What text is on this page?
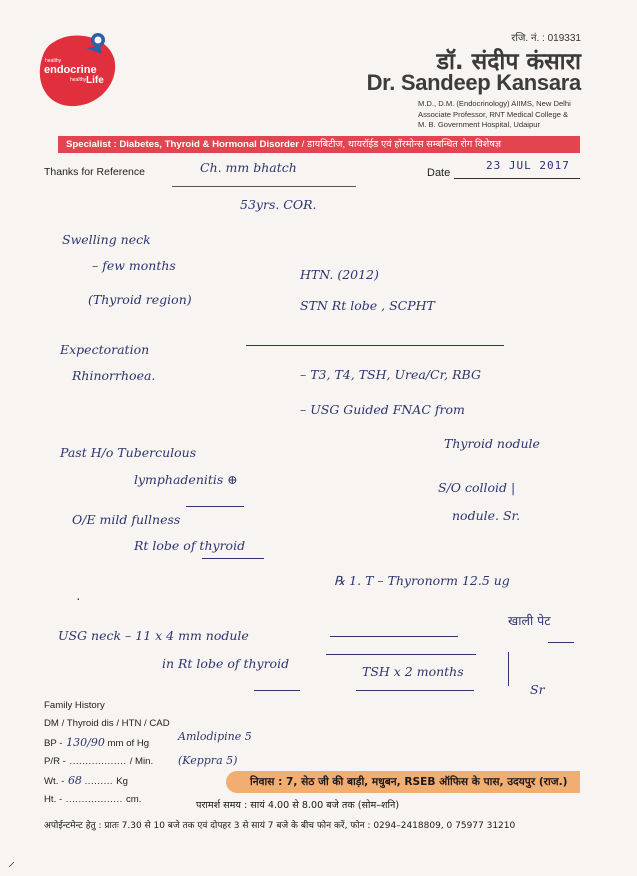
रजि. नं. : 019331
healthy
endocrine
healthy Life
डॉ. संदीप कंसारा
Dr. Sandeep Kansara
M.D., D.M. (Endocrinology) AIIMS, New Delhi
Associate Professor, RNT Medical College &
M. B. Government Hospital, Udaipur
Specialist : Diabetes, Thyroid & Hormonal Disorder / डायबिटीज, थायरॉईड एवं हॉरमोन्स सम्बन्धित रोग विशेषज्ञ
Thanks for Reference	Date
23 JUL 2017
Ch. mm bhatch
53yrs. COR.
Swelling neck
– few months
(Thyroid region)
Expectoration
Rhinorrhoea.
HTN. (2012)
STN Rt lobe , SCPHT
– T3, T4, TSH, Urea/Cr, RBG
– USG Guided FNAC from
Thyroid nodule
S/O colloid |
nodule. Sr.
Past H/o Tuberculous
lymphadenitis ⊕
O/E mild fullness
Rt lobe of thyroid
℞ 1. T – Thyronorm 12.5 ug
खाली पेट
USG neck – 11 x 4 mm nodule
in Rt lobe of thyroid
TSH x 2 months
Sr
Family History
DM / Thyroid dis / HTN / CAD
BP - 130/90 mm of Hg
Amlodipine 5
P/R - .................. / Min. (Keppra 5)
Wt. - 68 ......... Kg
Ht. - .................. cm.
निवास : 7, सेठ जी की बाड़ी, मधुबन, RSEB ऑफिस के पास, उदयपुर (राज.)
परामर्श समय : सायं 4.00 से 8.00 बजे तक (सोम–शनि)
अपोईन्टमेन्ट हेतु : प्रातः 7.30 से 10 बजे तक एवं दोपहर 3 से सायं 7 बजे के बीच फोन करें, फोन : 0294–2418809, 0 75977 31210
·
⸝
